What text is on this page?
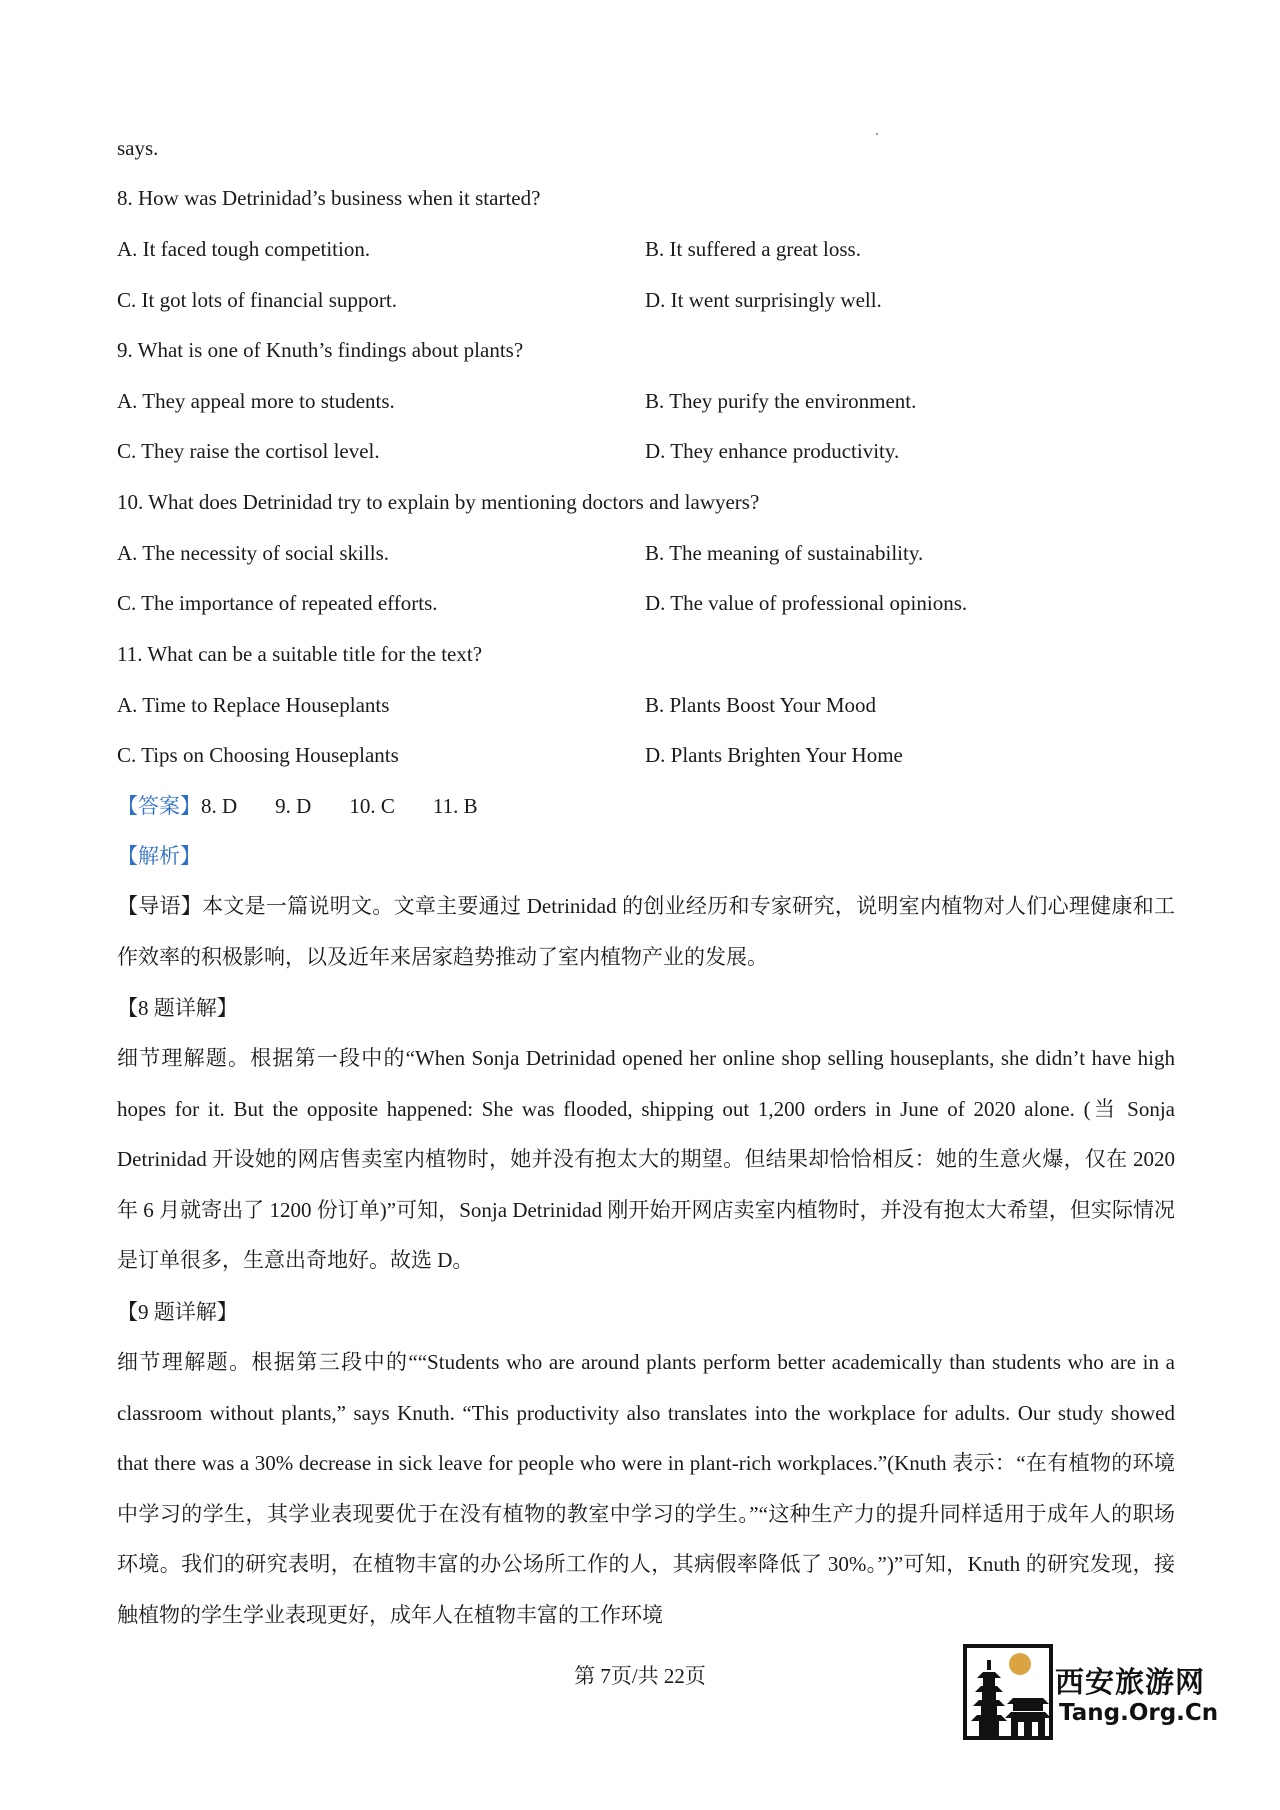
says.
8. How was Detrinidad’s business when it started?
A. It faced tough competition.	B. It suffered a great loss.
C. It got lots of financial support.	D. It went surprisingly well.
9. What is one of Knuth’s findings about plants?
A. They appeal more to students.	B. They purify the environment.
C. They raise the cortisol level.	D. They enhance productivity.
10. What does Detrinidad try to explain by mentioning doctors and lawyers?
A. The necessity of social skills.	B. The meaning of sustainability.
C. The importance of repeated efforts.	D. The value of professional opinions.
11. What can be a suitable title for the text?
A. Time to Replace Houseplants	B. Plants Boost Your Mood
C. Tips on Choosing Houseplants	D. Plants Brighten Your Home
【答案】8. D 9. D 10. C 11. B
【解析】
【导语】本文是一篇说明文。文章主要通过 Detrinidad 的创业经历和专家研究，说明室内植物对人们心理健康和工作效率的积极影响，以及近年来居家趋势推动了室内植物产业的发展。
【8 题详解】
细节理解题。根据第一段中的“When Sonja Detrinidad opened her online shop selling houseplants, she didn’t have high hopes for it. But the opposite happened: She was flooded, shipping out 1,200 orders in June of 2020 alone. (当 Sonja Detrinidad 开设她的网店售卖室内植物时，她并没有抱太大的期望。但结果却恰恰相反：她的生意火爆，仅在 2020 年 6 月就寄出了 1200 份订单)”可知，Sonja Detrinidad 刚开始开网店卖室内植物时，并没有抱太大希望，但实际情况是订单很多，生意出奇地好。故选 D。
【9 题详解】
细节理解题。根据第三段中的““Students who are around plants perform better academically than students who are in a classroom without plants,” says Knuth. “This productivity also translates into the workplace for adults. Our study showed that there was a 30% decrease in sick leave for people who were in plant-rich workplaces.”(Knuth 表示：“在有植物的环境中学习的学生，其学业表现要优于在没有植物的教室中学习的学生。”“这种生产力的提升同样适用于成年人的职场环境。我们的研究表明，在植物丰富的办公场所工作的人，其病假率降低了 30%。”)”可知，Knuth 的研究发现，接触植物的学生学业表现更好，成年人在植物丰富的工作环境
第 7页/共 22页	西安旅游网
Tang.Org.Cn
